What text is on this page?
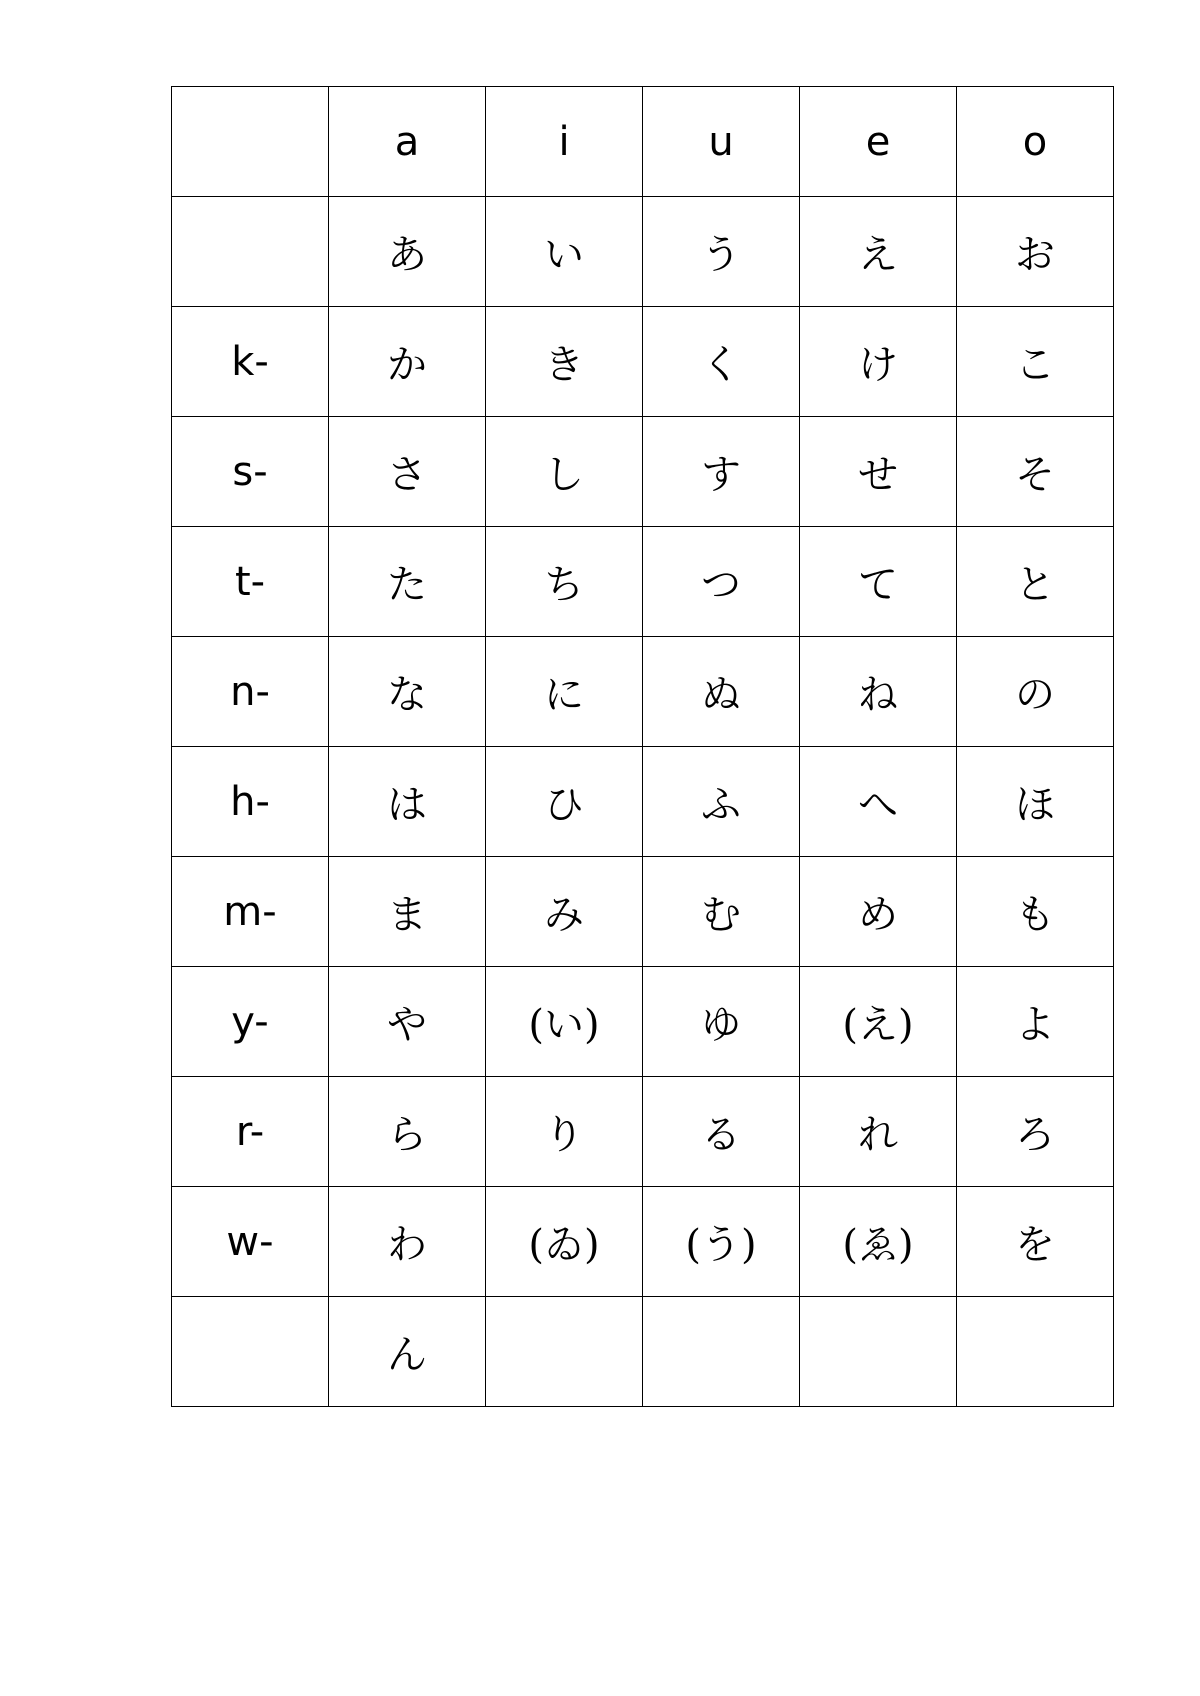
	a	i	u	e	o
	あ	い	う	え	お
k-	か	き	く	け	こ
s-	さ	し	す	せ	そ
t-	た	ち	つ	て	と
n-	な	に	ぬ	ね	の
h-	は	ひ	ふ	へ	ほ
m-	ま	み	む	め	も
y-	や	(い)	ゆ	(え)	よ
r-	ら	り	る	れ	ろ
w-	わ	(ゐ)	(う)	(ゑ)	を
	ん				
